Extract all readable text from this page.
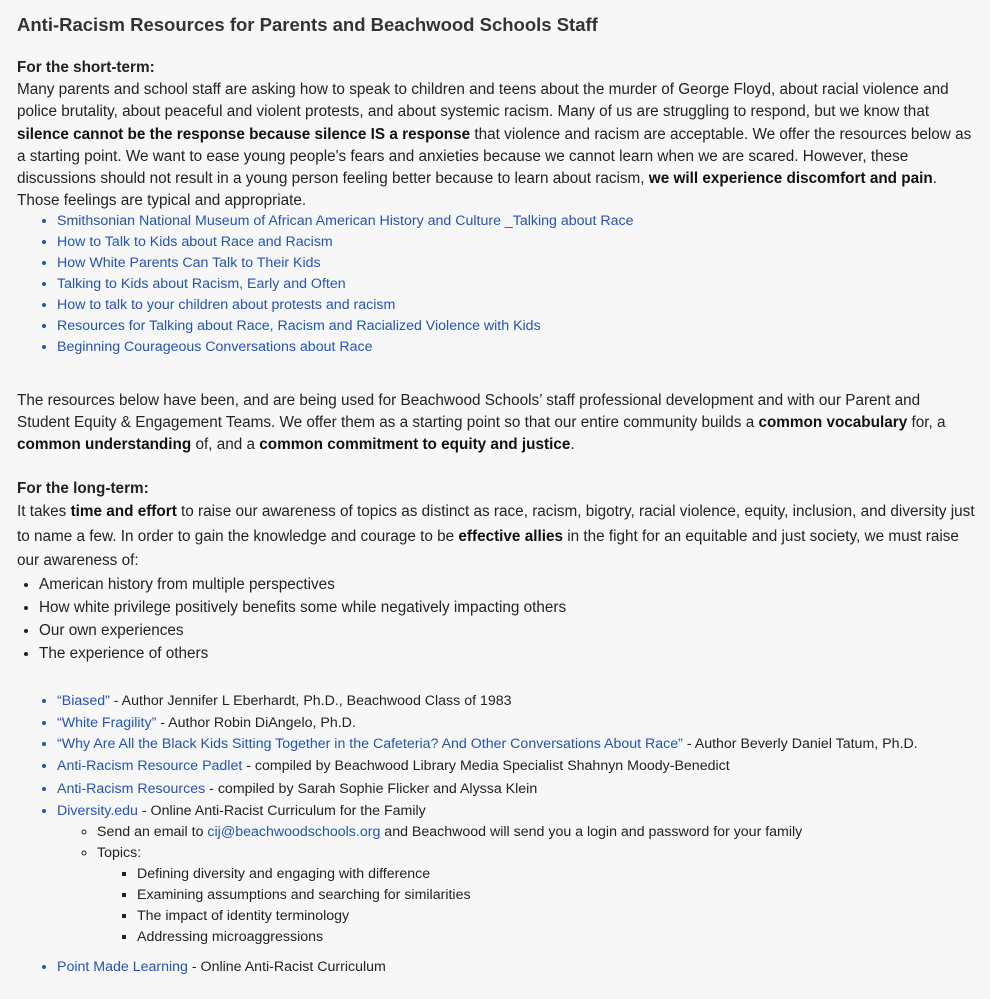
Anti-Racism Resources for Parents and Beachwood Schools Staff
For the short-term:
Many parents and school staff are asking how to speak to children and teens about the murder of George Floyd, about racial violence and police brutality, about peaceful and violent protests, and about systemic racism. Many of us are struggling to respond, but we know that silence cannot be the response because silence IS a response that violence and racism are acceptable. We offer the resources below as a starting point. We want to ease young people's fears and anxieties because we cannot learn when we are scared. However, these discussions should not result in a young person feeling better because to learn about racism, we will experience discomfort and pain. Those feelings are typical and appropriate.
• Smithsonian National Museum of African American History and Culture _Talking about Race
• How to Talk to Kids about Race and Racism
• How White Parents Can Talk to Their Kids
• Talking to Kids about Racism, Early and Often
• How to talk to your children about protests and racism
• Resources for Talking about Race, Racism and Racialized Violence with Kids
• Beginning Courageous Conversations about Race
The resources below have been, and are being used for Beachwood Schools’ staff professional development and with our Parent and Student Equity & Engagement Teams. We offer them as a starting point so that our entire community builds a common vocabulary for, a common understanding of, and a common commitment to equity and justice.
For the long-term:
It takes time and effort to raise our awareness of topics as distinct as race, racism, bigotry, racial violence, equity, inclusion, and diversity just to name a few. In order to gain the knowledge and courage to be effective allies in the fight for an equitable and just society, we must raise our awareness of:
• American history from multiple perspectives
• How white privilege positively benefits some while negatively impacting others
• Our own experiences
• The experience of others
• “Biased” - Author Jennifer L Eberhardt, Ph.D., Beachwood Class of 1983
• “White Fragility” - Author Robin DiAngelo, Ph.D.
• “Why Are All the Black Kids Sitting Together in the Cafeteria? And Other Conversations About Race” - Author Beverly Daniel Tatum, Ph.D.
• Anti-Racism Resource Padlet - compiled by Beachwood Library Media Specialist Shahnyn Moody-Benedict
• Anti-Racism Resources - compiled by Sarah Sophie Flicker and Alyssa Klein
• Diversity.edu - Online Anti-Racist Curriculum for the Family
◦ Send an email to cij@beachwoodschools.org and Beachwood will send you a login and password for your family
◦ Topics:
▪ Defining diversity and engaging with difference
▪ Examining assumptions and searching for similarities
▪ The impact of identity terminology
▪ Addressing microaggressions
• Point Made Learning - Online Anti-Racist Curriculum
